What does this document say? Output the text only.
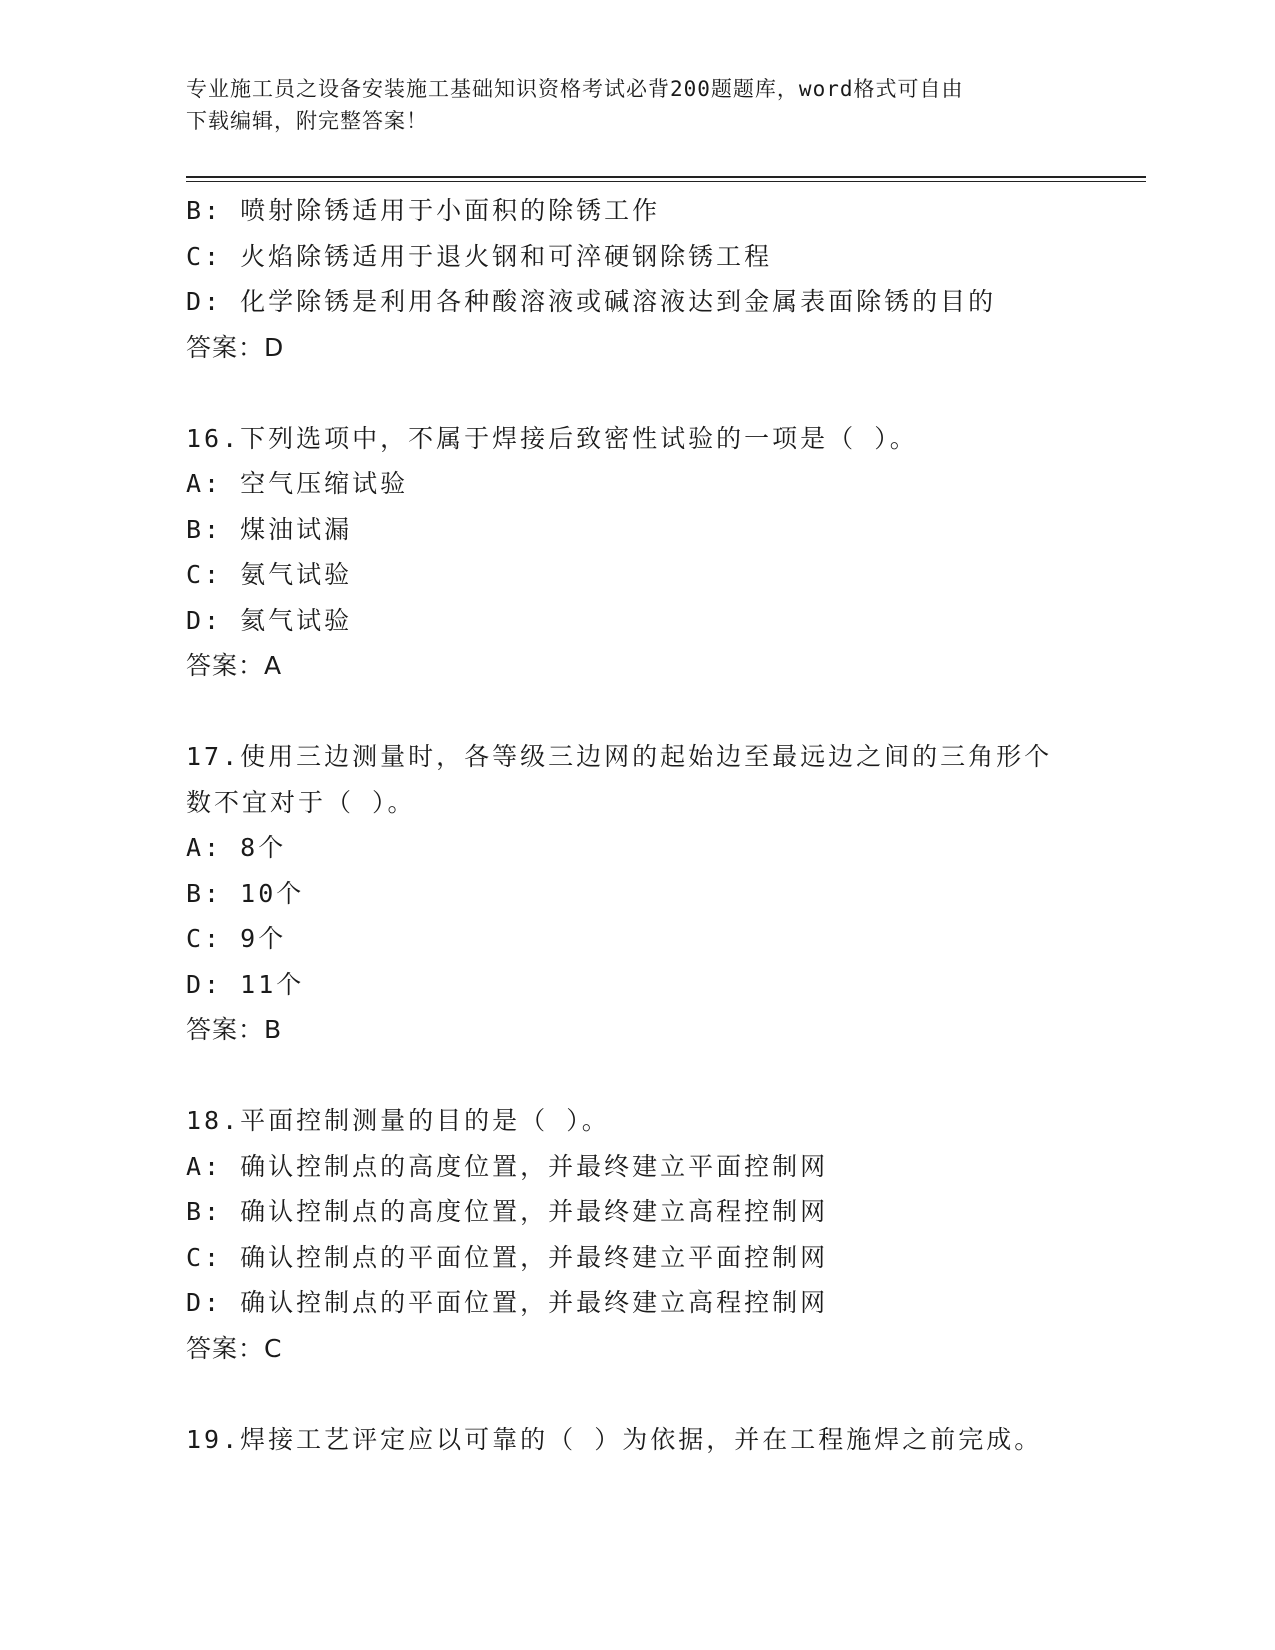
专业施工员之设备安装施工基础知识资格考试必背200题题库，word格式可自由
下载编辑，附完整答案！
B: 喷射除锈适用于小面积的除锈工作
C: 火焰除锈适用于退火钢和可淬硬钢除锈工程
D: 化学除锈是利用各种酸溶液或碱溶液达到金属表面除锈的目的
答案：D
16.下列选项中，不属于焊接后致密性试验的一项是（ ）。
A: 空气压缩试验
B: 煤油试漏
C: 氨气试验
D: 氦气试验
答案：A
17.使用三边测量时，各等级三边网的起始边至最远边之间的三角形个
数不宜对于（ ）。
A: 8个
B: 10个
C: 9个
D: 11个
答案：B
18.平面控制测量的目的是（ ）。
A: 确认控制点的高度位置，并最终建立平面控制网
B: 确认控制点的高度位置，并最终建立高程控制网
C: 确认控制点的平面位置，并最终建立平面控制网
D: 确认控制点的平面位置，并最终建立高程控制网
答案：C
19.焊接工艺评定应以可靠的（ ）为依据，并在工程施焊之前完成。
